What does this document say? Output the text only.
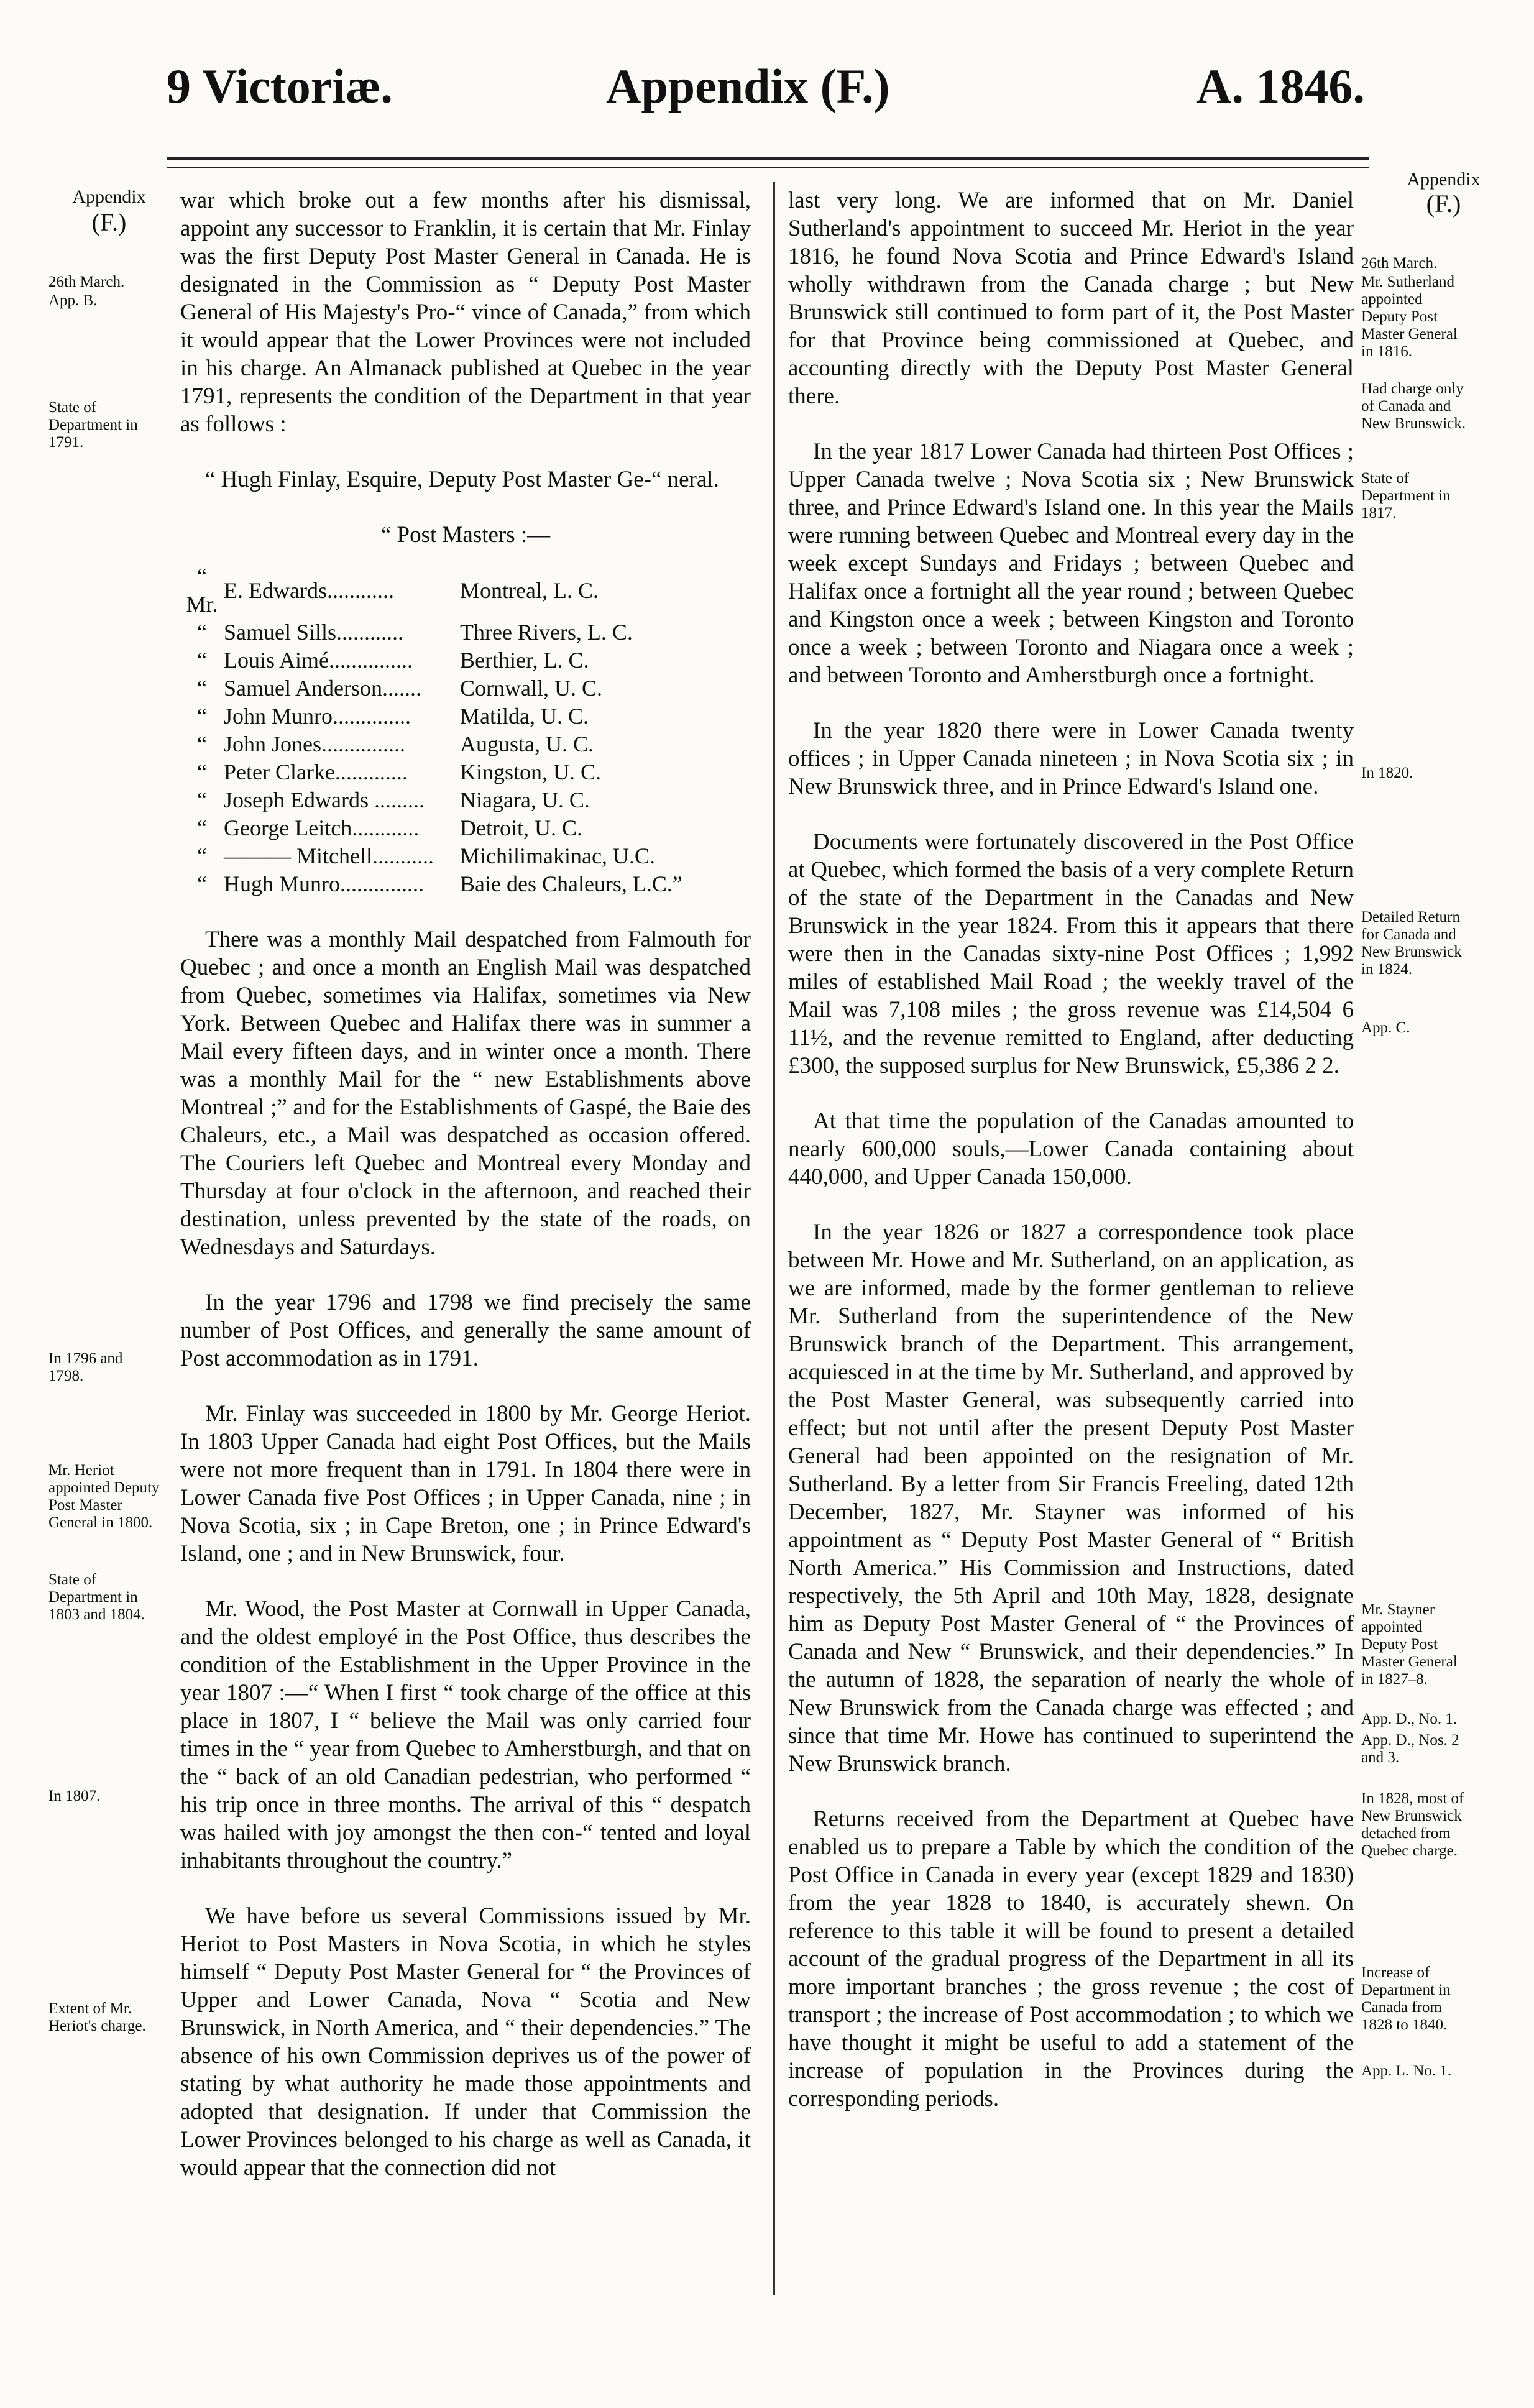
9 Victoriæ.	Appendix (F.)	A. 1846.
Appendix
(F.)
26th March.
App. B.
State of Department in 1791.
In 1796 and 1798.
Mr. Heriot appointed Deputy Post Master General in 1800.
State of Department in 1803 and 1804.
In 1807.
Extent of Mr. Heriot's charge.
Appendix
(F.)
26th March.
Mr. Sutherland appointed Deputy Post Master General in 1816.
Had charge only of Canada and New Brunswick.
State of Department in 1817.
In 1820.
Detailed Return for Canada and New Brunswick in 1824.
App. C.
Mr. Stayner appointed Deputy Post Master General in 1827–8.
App. D., No. 1.
App. D., Nos. 2 and 3.
In 1828, most of New Brunswick detached from Quebec charge.
Increase of Department in Canada from 1828 to 1840.
App. L. No. 1.

war which broke out a few months after his dismissal, appoint any successor to Franklin, it is certain that Mr. Finlay was the first Deputy Post Master General in Canada. He is designated in the Commission as “ Deputy Post Master General of His Majesty's Pro-“ vince of Canada,” from which it would appear that the Lower Provinces were not included in his charge. An Almanack published at Quebec in the year 1791, represents the condition of the Department in that year as follows :

“ Hugh Finlay, Esquire, Deputy Post Master Ge-“ neral.

“ Post Masters :—

“ Mr.	E. Edwards............	Montreal, L. C.
“	Samuel Sills............	Three Rivers, L. C.
“	Louis Aimé...............	Berthier, L. C.
“	Samuel Anderson.......	Cornwall, U. C.
“	John Munro..............	Matilda, U. C.
“	John Jones...............	Augusta, U. C.
“	Peter Clarke.............	Kingston, U. C.
“	Joseph Edwards .........	Niagara, U. C.
“	George Leitch............	Detroit, U. C.
“	——— Mitchell...........	Michilimakinac, U.C.
“	Hugh Munro...............	Baie des Chaleurs, L.C.”

There was a monthly Mail despatched from Falmouth for Quebec ; and once a month an English Mail was despatched from Quebec, sometimes via Halifax, sometimes via New York. Between Quebec and Halifax there was in summer a Mail every fifteen days, and in winter once a month. There was a monthly Mail for the “ new Establishments above Montreal ;” and for the Establishments of Gaspé, the Baie des Chaleurs, etc., a Mail was despatched as occasion offered. The Couriers left Quebec and Montreal every Monday and Thursday at four o'clock in the afternoon, and reached their destination, unless prevented by the state of the roads, on Wednesdays and Saturdays.

In the year 1796 and 1798 we find precisely the same number of Post Offices, and generally the same amount of Post accommodation as in 1791.

Mr. Finlay was succeeded in 1800 by Mr. George Heriot. In 1803 Upper Canada had eight Post Offices, but the Mails were not more frequent than in 1791. In 1804 there were in Lower Canada five Post Offices ; in Upper Canada, nine ; in Nova Scotia, six ; in Cape Breton, one ; in Prince Edward's Island, one ; and in New Brunswick, four.

Mr. Wood, the Post Master at Cornwall in Upper Canada, and the oldest employé in the Post Office, thus describes the condition of the Establishment in the Upper Province in the year 1807 :—“ When I first “ took charge of the office at this place in 1807, I “ believe the Mail was only carried four times in the “ year from Quebec to Amherstburgh, and that on the “ back of an old Canadian pedestrian, who performed “ his trip once in three months. The arrival of this “ despatch was hailed with joy amongst the then con-“ tented and loyal inhabitants throughout the country.”

We have before us several Commissions issued by Mr. Heriot to Post Masters in Nova Scotia, in which he styles himself “ Deputy Post Master General for “ the Provinces of Upper and Lower Canada, Nova “ Scotia and New Brunswick, in North America, and “ their dependencies.” The absence of his own Commission deprives us of the power of stating by what authority he made those appointments and adopted that designation. If under that Commission the Lower Provinces belonged to his charge as well as Canada, it would appear that the connection did not

last very long. We are informed that on Mr. Daniel Sutherland's appointment to succeed Mr. Heriot in the year 1816, he found Nova Scotia and Prince Edward's Island wholly withdrawn from the Canada charge ; but New Brunswick still continued to form part of it, the Post Master for that Province being commissioned at Quebec, and accounting directly with the Deputy Post Master General there.

In the year 1817 Lower Canada had thirteen Post Offices ; Upper Canada twelve ; Nova Scotia six ; New Brunswick three, and Prince Edward's Island one. In this year the Mails were running between Quebec and Montreal every day in the week except Sundays and Fridays ; between Quebec and Halifax once a fortnight all the year round ; between Quebec and Kingston once a week ; between Kingston and Toronto once a week ; between Toronto and Niagara once a week ; and between Toronto and Amherstburgh once a fortnight.

In the year 1820 there were in Lower Canada twenty offices ; in Upper Canada nineteen ; in Nova Scotia six ; in New Brunswick three, and in Prince Edward's Island one.

Documents were fortunately discovered in the Post Office at Quebec, which formed the basis of a very complete Return of the state of the Department in the Canadas and New Brunswick in the year 1824. From this it appears that there were then in the Canadas sixty-nine Post Offices ; 1,992 miles of established Mail Road ; the weekly travel of the Mail was 7,108 miles ; the gross revenue was £14,504 6 11½, and the revenue remitted to England, after deducting £300, the supposed surplus for New Brunswick, £5,386 2 2.

At that time the population of the Canadas amounted to nearly 600,000 souls,—Lower Canada containing about 440,000, and Upper Canada 150,000.

In the year 1826 or 1827 a correspondence took place between Mr. Howe and Mr. Sutherland, on an application, as we are informed, made by the former gentleman to relieve Mr. Sutherland from the superintendence of the New Brunswick branch of the Department. This arrangement, acquiesced in at the time by Mr. Sutherland, and approved by the Post Master General, was subsequently carried into effect; but not until after the present Deputy Post Master General had been appointed on the resignation of Mr. Sutherland. By a letter from Sir Francis Freeling, dated 12th December, 1827, Mr. Stayner was informed of his appointment as “ Deputy Post Master General of “ British North America.” His Commission and Instructions, dated respectively, the 5th April and 10th May, 1828, designate him as Deputy Post Master General of “ the Provinces of Canada and New “ Brunswick, and their dependencies.” In the autumn of 1828, the separation of nearly the whole of New Brunswick from the Canada charge was effected ; and since that time Mr. Howe has continued to superintend the New Brunswick branch.

Returns received from the Department at Quebec have enabled us to prepare a Table by which the condition of the Post Office in Canada in every year (except 1829 and 1830) from the year 1828 to 1840, is accurately shewn. On reference to this table it will be found to present a detailed account of the gradual progress of the Department in all its more important branches ; the gross revenue ; the cost of transport ; the increase of Post accommodation ; to which we have thought it might be useful to add a statement of the increase of population in the Provinces during the corresponding periods.
